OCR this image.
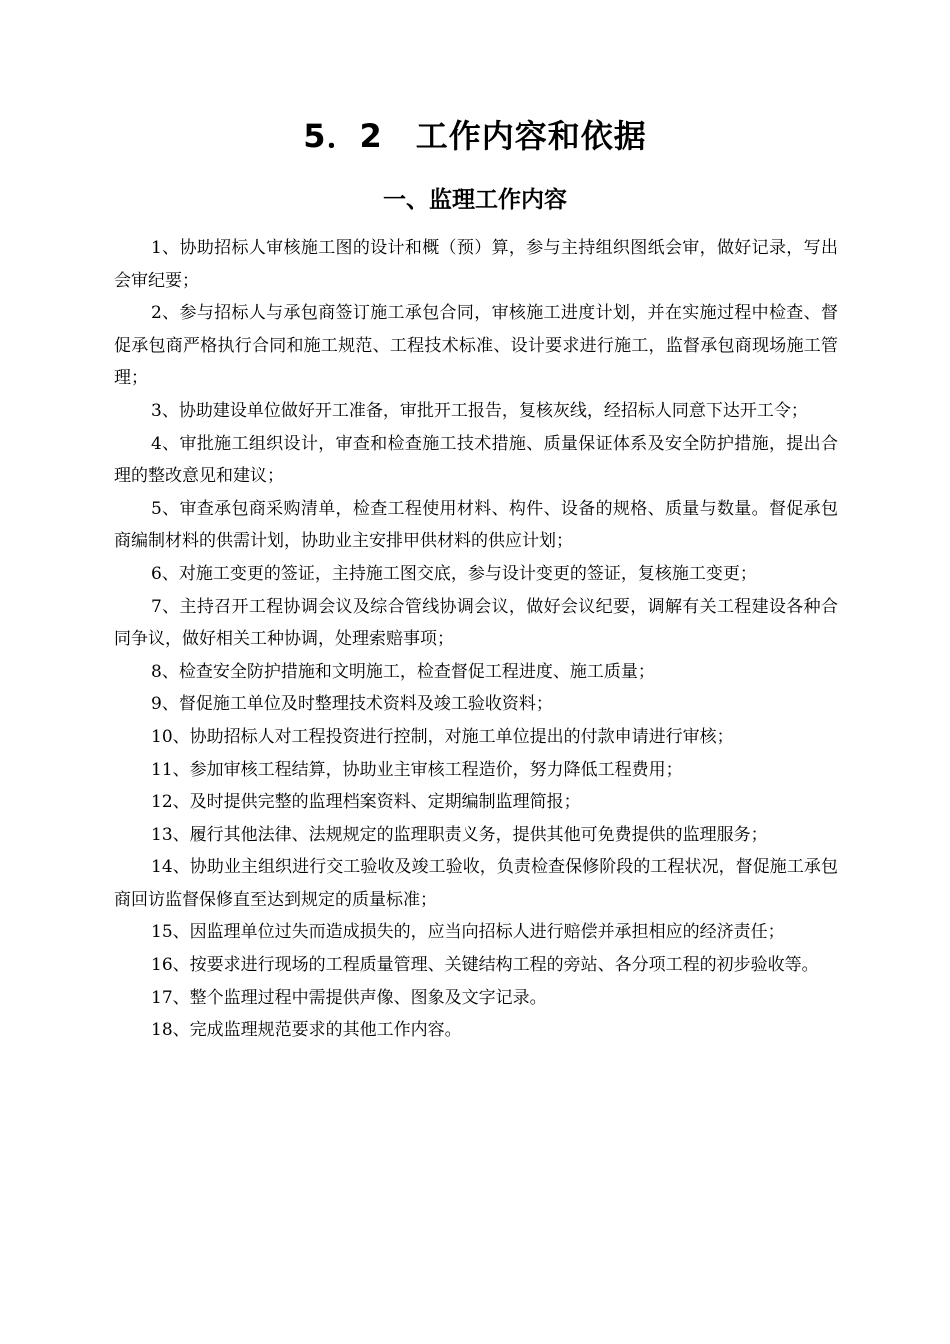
5．2　工作内容和依据
一、监理工作内容

1、协助招标人审核施工图的设计和概（预）算，参与主持组织图纸会审，做好记录，写出会审纪要；

2、参与招标人与承包商签订施工承包合同，审核施工进度计划，并在实施过程中检查、督促承包商严格执行合同和施工规范、工程技术标准、设计要求进行施工，监督承包商现场施工管理；

3、协助建设单位做好开工准备，审批开工报告，复核灰线，经招标人同意下达开工令；

4、审批施工组织设计，审查和检查施工技术措施、质量保证体系及安全防护措施，提出合理的整改意见和建议；

5、审查承包商采购清单，检查工程使用材料、构件、设备的规格、质量与数量。督促承包商编制材料的供需计划，协助业主安排甲供材料的供应计划；

6、对施工变更的签证，主持施工图交底，参与设计变更的签证，复核施工变更；

7、主持召开工程协调会议及综合管线协调会议，做好会议纪要，调解有关工程建设各种合同争议，做好相关工种协调，处理索赔事项；

8、检查安全防护措施和文明施工，检查督促工程进度、施工质量；

9、督促施工单位及时整理技术资料及竣工验收资料；

10、协助招标人对工程投资进行控制，对施工单位提出的付款申请进行审核；

11、参加审核工程结算，协助业主审核工程造价，努力降低工程费用；

12、及时提供完整的监理档案资料、定期编制监理简报；

13、履行其他法律、法规规定的监理职责义务，提供其他可免费提供的监理服务；

14、协助业主组织进行交工验收及竣工验收，负责检查保修阶段的工程状况，督促施工承包商回访监督保修直至达到规定的质量标准；

15、因监理单位过失而造成损失的，应当向招标人进行赔偿并承担相应的经济责任；

16、按要求进行现场的工程质量管理、关键结构工程的旁站、各分项工程的初步验收等。

17、整个监理过程中需提供声像、图象及文字记录。

18、完成监理规范要求的其他工作内容。
